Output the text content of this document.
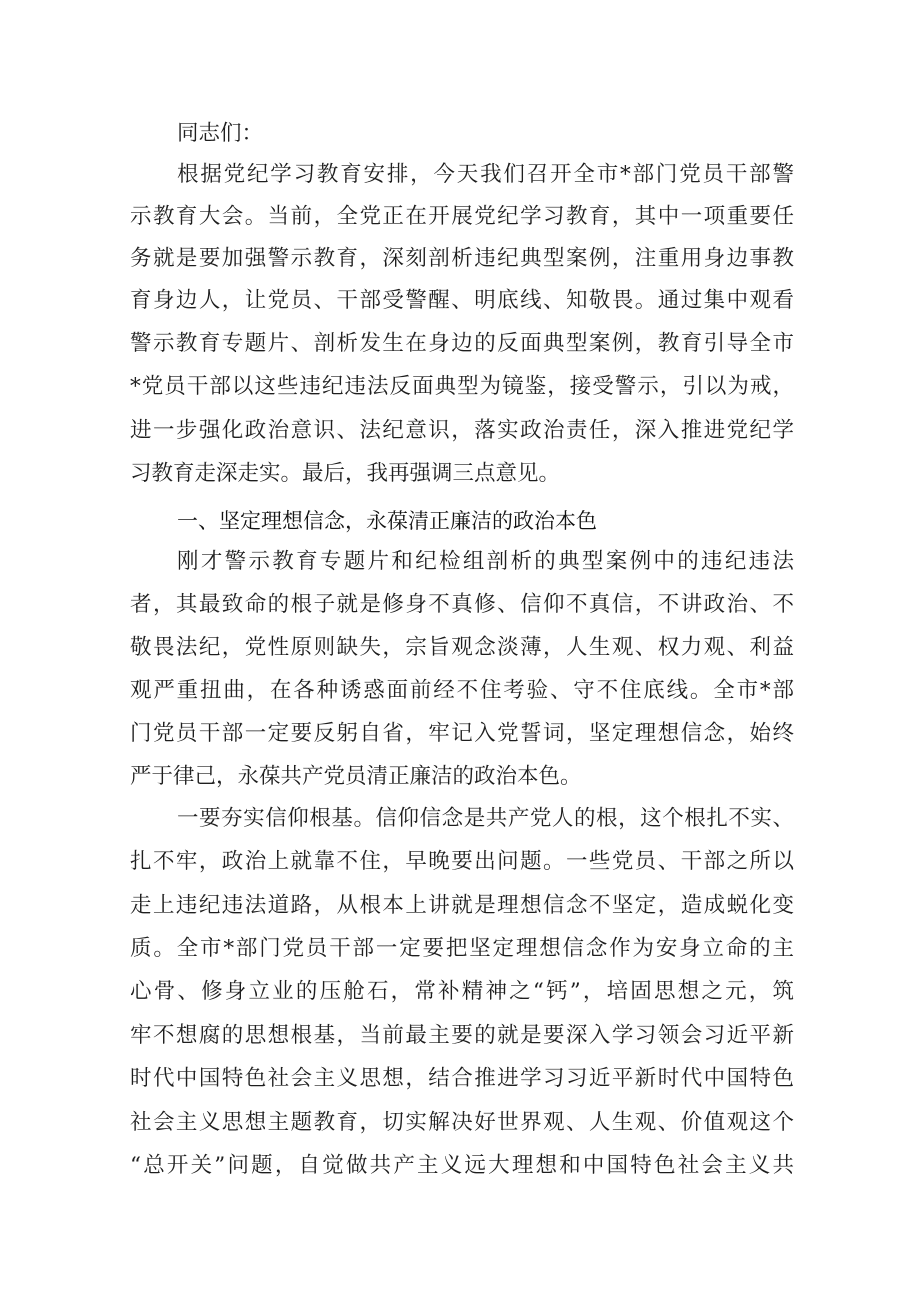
同志们：
根据党纪学习教育安排，今天我们召开全市*部门党员干部警
示教育大会。当前，全党正在开展党纪学习教育，其中一项重要任
务就是要加强警示教育，深刻剖析违纪典型案例，注重用身边事教
育身边人，让党员、干部受警醒、明底线、知敬畏。通过集中观看
警示教育专题片、剖析发生在身边的反面典型案例，教育引导全市
*党员干部以这些违纪违法反面典型为镜鉴，接受警示，引以为戒，
进一步强化政治意识、法纪意识，落实政治责任，深入推进党纪学
习教育走深走实。最后，我再强调三点意见。
一、坚定理想信念，永葆清正廉洁的政治本色
刚才警示教育专题片和纪检组剖析的典型案例中的违纪违法
者，其最致命的根子就是修身不真修、信仰不真信，不讲政治、不
敬畏法纪，党性原则缺失，宗旨观念淡薄，人生观、权力观、利益
观严重扭曲，在各种诱惑面前经不住考验、守不住底线。全市*部
门党员干部一定要反躬自省，牢记入党誓词，坚定理想信念，始终
严于律己，永葆共产党员清正廉洁的政治本色。
一要夯实信仰根基。信仰信念是共产党人的根，这个根扎不实、
扎不牢，政治上就靠不住，早晚要出问题。一些党员、干部之所以
走上违纪违法道路，从根本上讲就是理想信念不坚定，造成蜕化变
质。全市*部门党员干部一定要把坚定理想信念作为安身立命的主
心骨、修身立业的压舱石，常补精神之“钙”，培固思想之元，筑
牢不想腐的思想根基，当前最主要的就是要深入学习领会习近平新
时代中国特色社会主义思想，结合推进学习习近平新时代中国特色
社会主义思想主题教育，切实解决好世界观、人生观、价值观这个
“总开关”问题，自觉做共产主义远大理想和中国特色社会主义共
